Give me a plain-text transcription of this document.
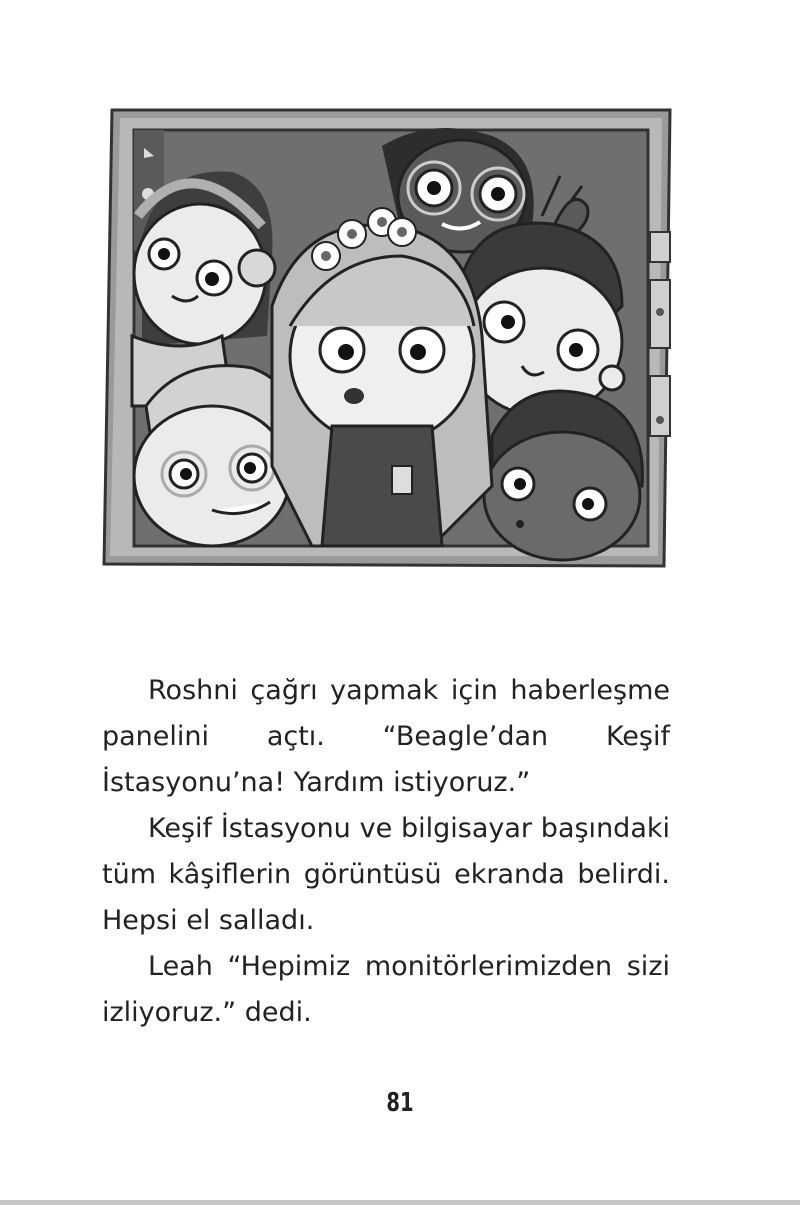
Roshni çağrı yapmak için haberleşme panelini açtı. “Beagle’dan Keşif İstasyonu’na! Yardım istiyoruz.”

Keşif İstasyonu ve bilgisayar başındaki tüm kâşiflerin görüntüsü ekranda belirdi. Hepsi el salladı.

Leah “Hepimiz monitörlerimizden sizi izliyoruz.” dedi.

81
